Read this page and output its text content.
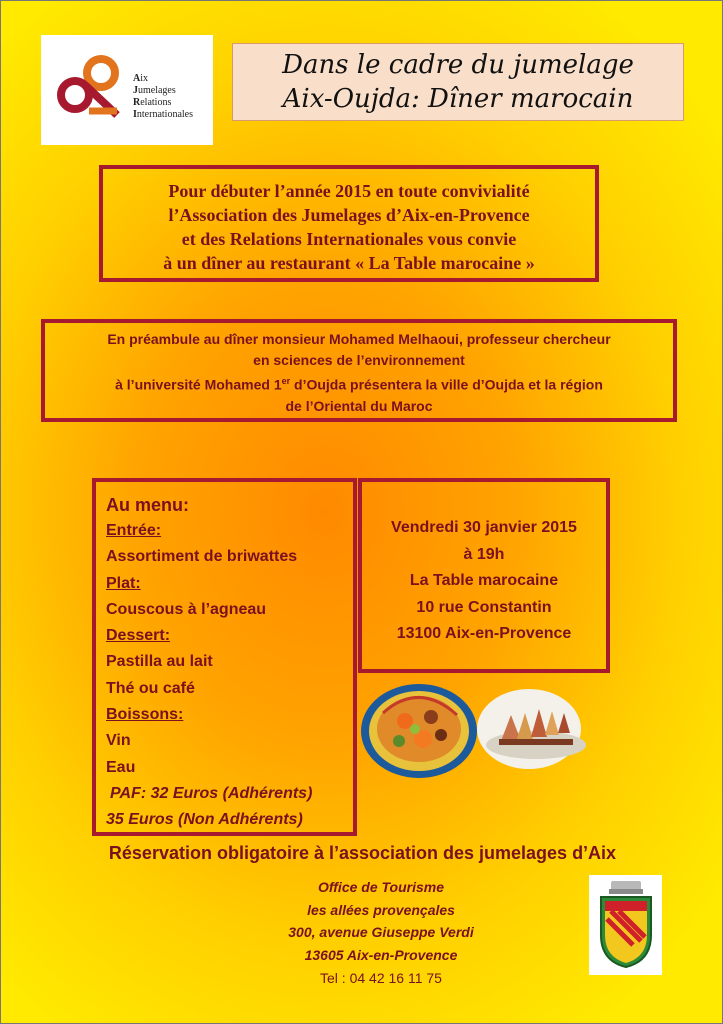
Aix
Jumelages
Relations
Internationales
Dans le cadre du jumelage
Aix-Oujda: Dîner marocain
Pour débuter l’année 2015 en toute convivialité
l’Association des Jumelages d’Aix-en-Provence
et des Relations Internationales vous convie
à un dîner au restaurant « La Table marocaine »
En préambule au dîner monsieur Mohamed Melhaoui, professeur chercheur
en sciences de l’environnement
à l’université Mohamed 1er d’Oujda présentera la ville d’Oujda et la région
de l’Oriental du Maroc
Au menu:
Entrée:
Assortiment de briwattes
Plat:
Couscous à l’agneau
Dessert:
Pastilla au lait
Thé ou café
Boissons:
Vin
Eau
PAF: 32 Euros (Adhérents)
35 Euros (Non Adhérents)
Vendredi 30 janvier 2015
à 19h
La Table marocaine
10 rue Constantin
13100 Aix-en-Provence
Réservation obligatoire à l’association des jumelages d’Aix
Office de Tourisme
les allées provençales
300, avenue Giuseppe Verdi
13605 Aix-en-Provence
Tel : 04 42 16 11 75
